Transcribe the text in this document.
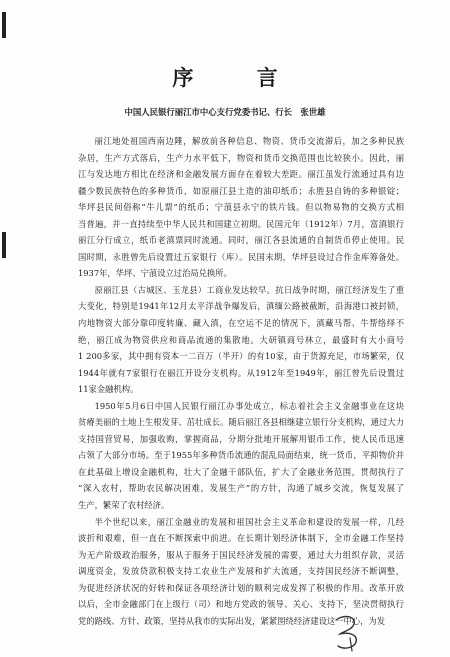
序 言
中国人民银行丽江市中心支行党委书记、行长　张世雄
丽江地处祖国西南边陲，解放前各种信息、物资、货币交流滞后，加之多种民族
杂居，生产方式落后，生产力水平低下，物资和货币交换范围也比较狭小。因此，丽
江与发达地方相比在经济和金融发展方面存在着较大差距。丽江虽发行流通过具有边
疆少数民族特色的多种货币，如原丽江县土造的油印纸币；永胜县自铸的多种银锭；
华坪县民间俗称“牛儿票”的纸币；宁蒗县永宁的铁片钱。但以物易物的交换方式相
当普遍，并一直持续至中华人民共和国建立初期。民国元年（1912年）7月，富滇银行
丽江分行成立，纸币老滇票同时流通。同时，丽江各县流通的自制货币停止使用。民
国时期，永胜曾先后设置过五家银行（库）。民国末期，华坪县设过合作金库筹备处。
1937年，华坪、宁蒗设立过治局兑换所。
原丽江县（古城区、玉龙县）工商业发达较早。抗日战争时期，丽江经济发生了重
大变化，特别是1941年12月太平洋战争爆发后，滇缅公路被截断，沿海港口被封锁，
内地物资大部分靠印度转廉、藏入滇，在空运不足的情况下，滇藏马帮、牛帮络绎不
绝，丽江成为物资供应和商品流通的集散地。大研镇商号林立，最盛时有大小商号
1 200多家，其中拥有资本一二百万（半开）的有10家，由于货源充足，市场繁荣，仅
1944年就有7家银行在丽江开设分支机构。从1912年至1949年，丽江曾先后设置过
11家金融机构。
1950年5月6日中国人民银行丽江办事处成立，标志着社会主义金融事业在这块
贫瘠美丽的土地上生根发芽、茁壮成长。随后丽江各县相继建立银行分支机构，通过大力
支持国营贸易，加强收购，掌握商品，分期分批地开展解用银币工作，使人民币迅速
占领了大部分市场。至于1955年多种货币流通的混乱局面结束，统一货币，平抑物价并
在此基础上增设金融机构，壮大了金融干部队伍，扩大了金融业务范围，贯彻执行了
“深入农村，帮助农民解决困难，发展生产”的方针，沟通了城乡交流，恢复发展了
生产，繁荣了农村经济。
半个世纪以来，丽江金融业的发展和祖国社会主义革命和建设的发展一样，几经
波折和艰难，但一直在不断探索中前进。在长期计划经济体制下，全市金融工作坚持
为无产阶级政治服务，服从于服务于国民经济发展的需要，通过大力组织存款，灵活
调度资金，发放贷款积极支持工农业生产发展和扩大流通，支持国民经济不断调整，
为促进经济状况的好转和保证各项经济计划的顺利完成发挥了积极的作用。改革开放
以后，全市金融部门在上级行（司）和地方党政的领导、关心、支持下，坚决贯彻执行
党的路线、方针、政策，坚持从我市的实际出发，紧紧围绕经济建设这一中心，为发
